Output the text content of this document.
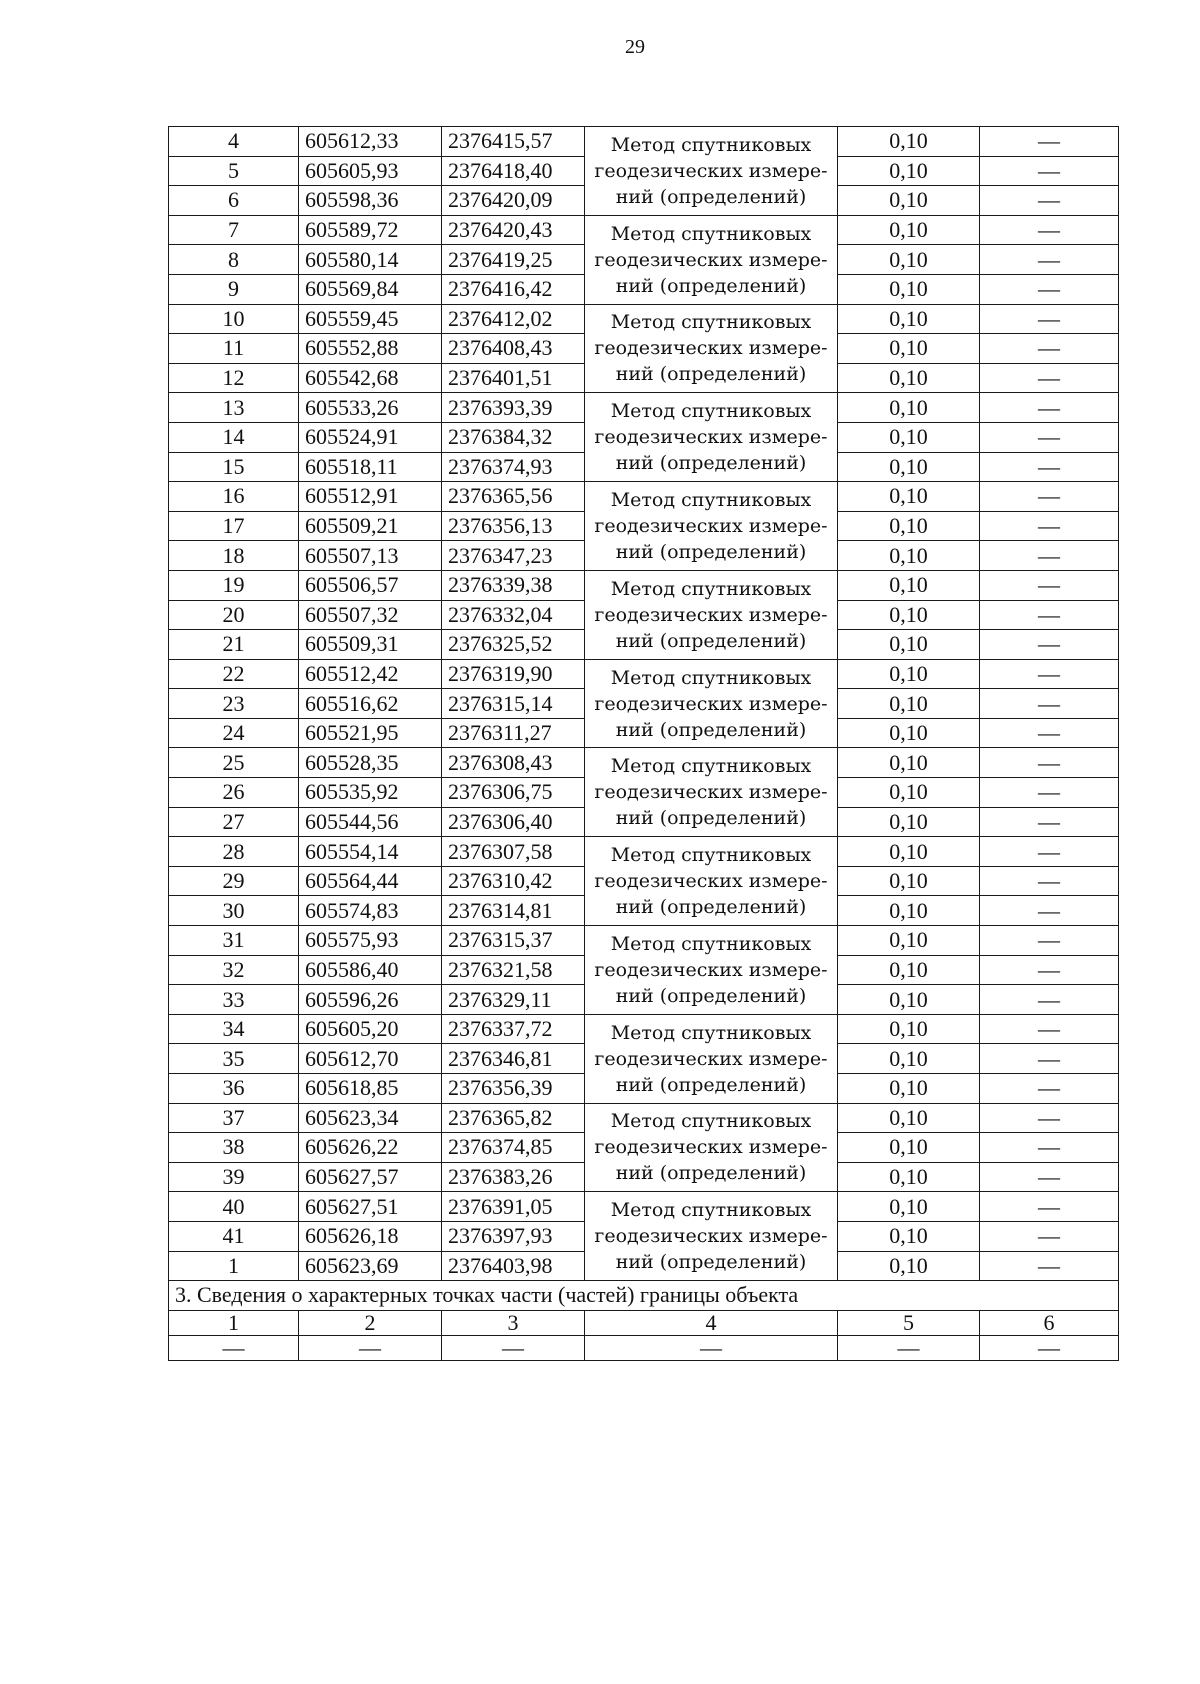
29
4	605612,33	2376415,57	Метод спутниковых
геодезических измере-
ний (определений)	0,10	—
5	605605,93	2376418,40		0,10	—
6	605598,36	2376420,09		0,10	—
7	605589,72	2376420,43	Метод спутниковых
геодезических измере-
ний (определений)	0,10	—
8	605580,14	2376419,25		0,10	—
9	605569,84	2376416,42		0,10	—
10	605559,45	2376412,02	Метод спутниковых
геодезических измере-
ний (определений)	0,10	—
11	605552,88	2376408,43		0,10	—
12	605542,68	2376401,51		0,10	—
13	605533,26	2376393,39	Метод спутниковых
геодезических измере-
ний (определений)	0,10	—
14	605524,91	2376384,32		0,10	—
15	605518,11	2376374,93		0,10	—
16	605512,91	2376365,56	Метод спутниковых
геодезических измере-
ний (определений)	0,10	—
17	605509,21	2376356,13		0,10	—
18	605507,13	2376347,23		0,10	—
19	605506,57	2376339,38	Метод спутниковых
геодезических измере-
ний (определений)	0,10	—
20	605507,32	2376332,04		0,10	—
21	605509,31	2376325,52		0,10	—
22	605512,42	2376319,90	Метод спутниковых
геодезических измере-
ний (определений)	0,10	—
23	605516,62	2376315,14		0,10	—
24	605521,95	2376311,27		0,10	—
25	605528,35	2376308,43	Метод спутниковых
геодезических измере-
ний (определений)	0,10	—
26	605535,92	2376306,75		0,10	—
27	605544,56	2376306,40		0,10	—
28	605554,14	2376307,58	Метод спутниковых
геодезических измере-
ний (определений)	0,10	—
29	605564,44	2376310,42		0,10	—
30	605574,83	2376314,81		0,10	—
31	605575,93	2376315,37	Метод спутниковых
геодезических измере-
ний (определений)	0,10	—
32	605586,40	2376321,58		0,10	—
33	605596,26	2376329,11		0,10	—
34	605605,20	2376337,72	Метод спутниковых
геодезических измере-
ний (определений)	0,10	—
35	605612,70	2376346,81		0,10	—
36	605618,85	2376356,39		0,10	—
37	605623,34	2376365,82	Метод спутниковых
геодезических измере-
ний (определений)	0,10	—
38	605626,22	2376374,85		0,10	—
39	605627,57	2376383,26		0,10	—
40	605627,51	2376391,05	Метод спутниковых
геодезических измере-
ний (определений)	0,10	—
41	605626,18	2376397,93		0,10	—
1	605623,69	2376403,98		0,10	—
3. Сведения о характерных точках части (частей) границы объекта					
1	2	3	4	5	6
—	—	—	—	—	—
